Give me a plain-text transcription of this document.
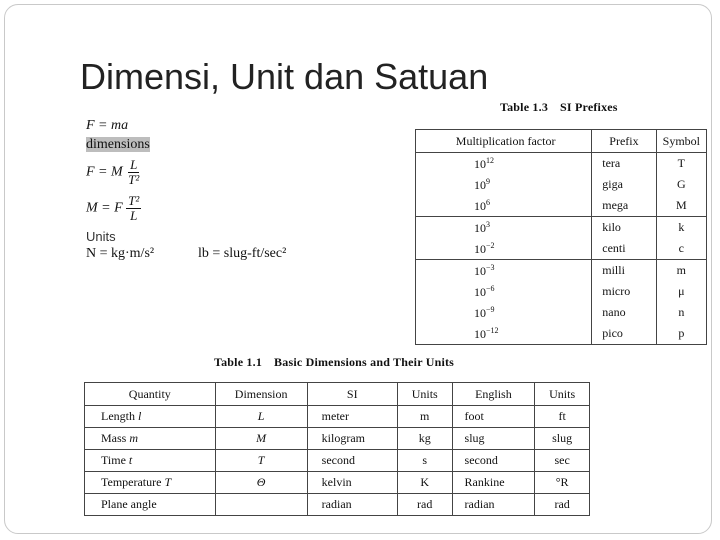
Dimensi, Unit dan Satuan
F = ma
dimensions
F = M $\frac{L}{\text{T²}}$
M = F $\frac{\text{T²}}{L}$
Units
N = kg·m/s²	lb = slug-ft/sec²
Table 1.3 SI Prefixes
Multiplication factor	Prefix	Symbol
$10^{12}$	tera	T
$10^9$	giga	G
$10^6$	mega	M
$10^3$	kilo	k
$10^{-2}$	centi	c
$10^{-3}$	milli	m
$10^{-6}$	micro	μ
$10^{-9}$	nano	n
$10^{-12}$	pico	p
Table 1.1 Basic Dimensions and Their Units
Quantity	Dimension	SI	Units	English	Units
Length l	L	meter	m	foot	ft
Mass m	M	kilogram	kg	slug	slug
Time t	T	second	s	second	sec
Temperature T	Θ	kelvin	K	Rankine	°R
Plane angle		radian	rad	radian	rad
